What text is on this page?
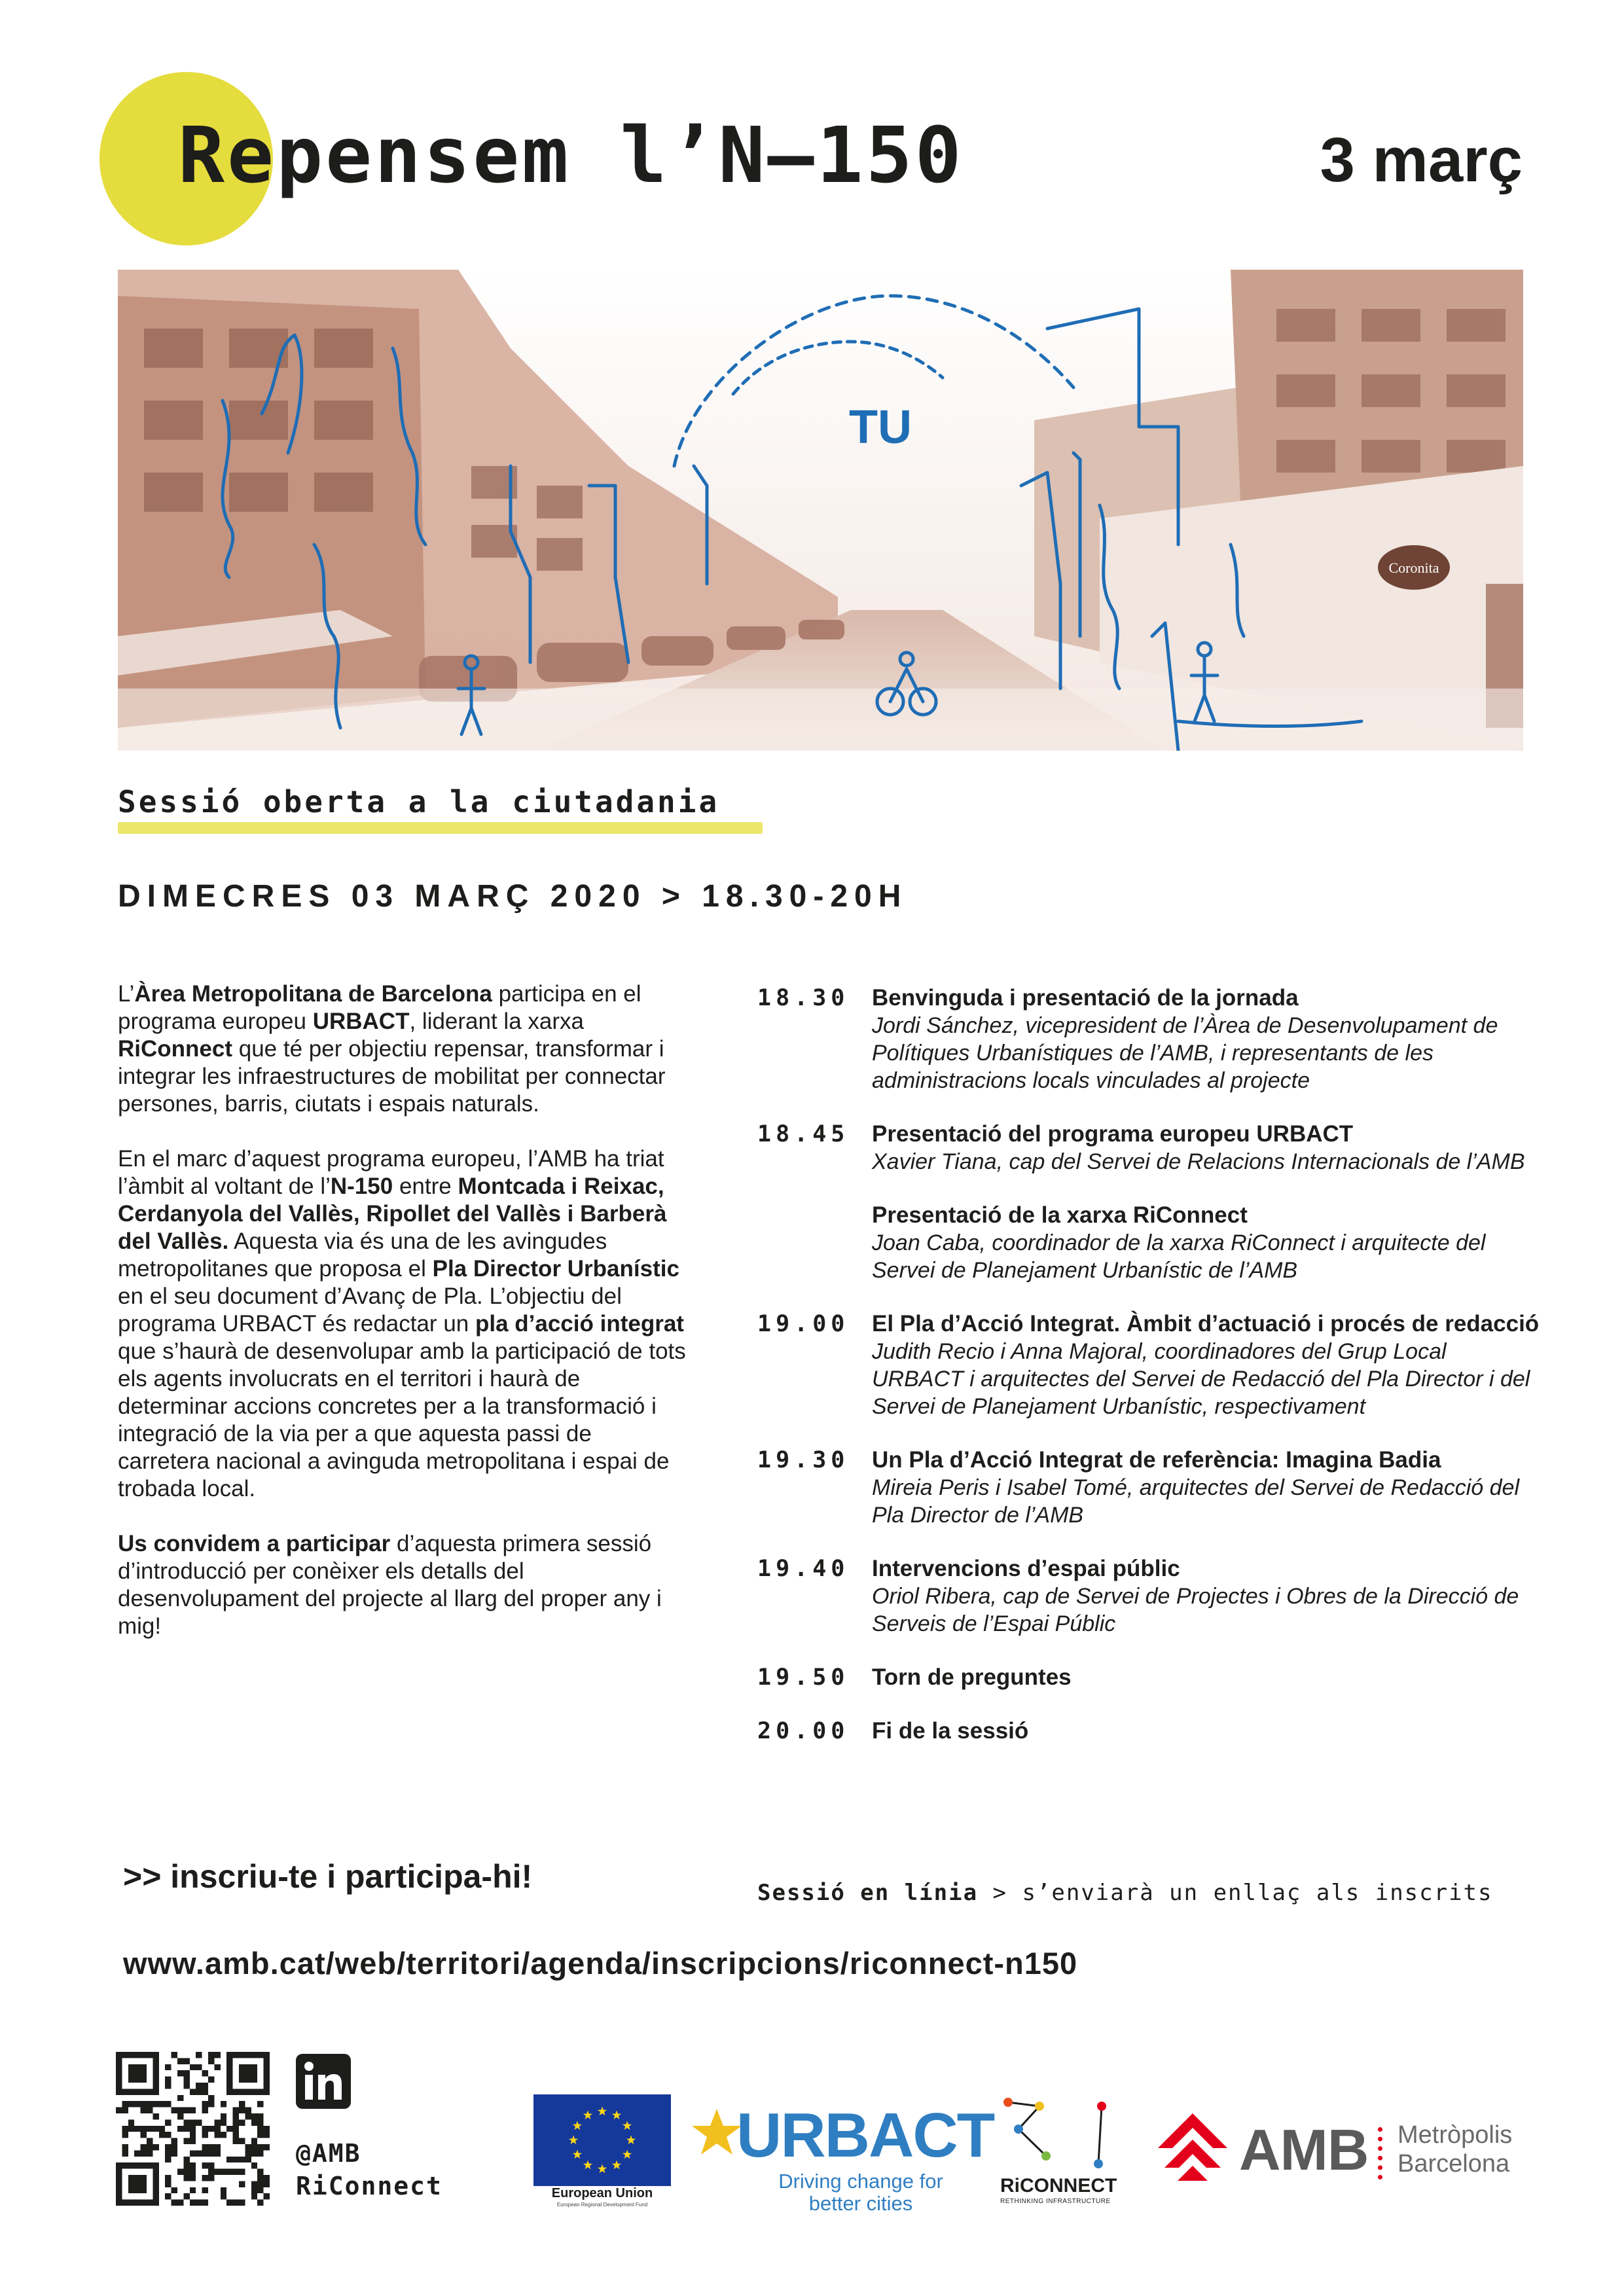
Repensem l’N–150	3 març
Coronita
TU
Sessió oberta a la ciutadania
DIMECRES 03 MARÇ 2020 > 18.30-20H

L’Àrea Metropolitana de Barcelona participa en el programa europeu URBACT, liderant la xarxa RiConnect que té per objectiu repensar, transformar i integrar les infraestructures de mobilitat per connectar persones, barris, ciutats i espais naturals.

En el marc d’aquest programa europeu, l’AMB ha triat l’àmbit al voltant de l’N-150 entre Montcada i Reixac, Cerdanyola del Vallès, Ripollet del Vallès i Barberà del Vallès. Aquesta via és una de les avingudes metropolitanes que proposa el Pla Director Urbanístic en el seu document d’Avanç de Pla. L’objectiu del programa URBACT és redactar un pla d’acció integrat que s’haurà de desenvolupar amb la participació de tots els agents involucrats en el territori i haurà de determinar accions concretes per a la transformació i integració de la via per a que aquesta passi de carretera nacional a avinguda metropolitana i espai de trobada local.

Us convidem a participar d’aquesta primera sessió d’introducció per conèixer els detalls del desenvolupament del projecte al llarg del proper any i mig!

18.30 Benvinguda i presentació de la jornada
Jordi Sánchez, vicepresident de l’Àrea de Desenvolupament de Polítiques Urbanístiques de l’AMB, i representants de les administracions locals vinculades al projecte
18.45 Presentació del programa europeu URBACT
Xavier Tiana, cap del Servei de Relacions Internacionals de l’AMB
Presentació de la xarxa RiConnect
Joan Caba, coordinador de la xarxa RiConnect i arquitecte del Servei de Planejament Urbanístic de l’AMB
19.00 El Pla d’Acció Integrat. Àmbit d’actuació i procés de redacció
Judith Recio i Anna Majoral, coordinadores del Grup Local URBACT i arquitectes del Servei de Redacció del Pla Director i del Servei de Planejament Urbanístic, respectivament
19.30 Un Pla d’Acció Integrat de referència: Imagina Badia
Mireia Peris i Isabel Tomé, arquitectes del Servei de Redacció del Pla Director de l’AMB
19.40 Intervencions d’espai públic
Oriol Ribera, cap de Servei de Projectes i Obres de la Direcció de Serveis de l’Espai Públic
19.50 Torn de preguntes
20.00 Fi de la sessió
>> inscriu-te i participa-hi!	Sessió en línia > s’enviarà un enllaç als inscrits
www.amb.cat/web/territori/agenda/inscripcions/riconnect-n150
@AMB
RiConnect	European Union
European Regional Development Fund
URBACT
Driving change for better cities
RiCONNECT
RETHINKING INFRASTRUCTURE
AMB Metròpolis
Barcelona
